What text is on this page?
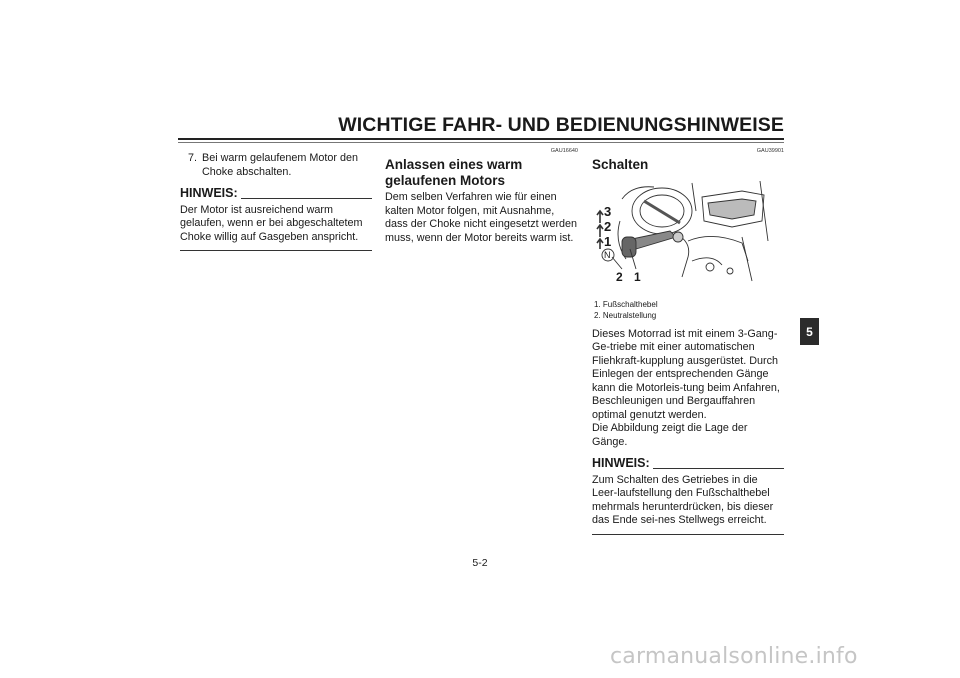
WICHTIGE FAHR- UND BEDIENUNGSHINWEISE
7. Bei warm gelaufenem Motor den Choke abschalten.
HINWEIS:
Der Motor ist ausreichend warm gelaufen, wenn er bei abgeschaltetem Choke willig auf Gasgeben anspricht.
GAU16640
Anlassen eines warm gelaufenen Motors
Dem selben Verfahren wie für einen kalten Motor folgen, mit Ausnahme, dass der Choke nicht eingesetzt werden muss, wenn der Motor bereits warm ist.
GAU39901
Schalten
3
2
1
N
2 1
1. Fußschalthebel
2. Neutralstellung
Dieses Motorrad ist mit einem 3-Gang-Ge-triebe mit einer automatischen Fliehkraft-kupplung ausgerüstet. Durch Einlegen der entsprechenden Gänge kann die Motorleis-tung beim Anfahren, Beschleunigen und Bergauffahren optimal genutzt werden.
Die Abbildung zeigt die Lage der Gänge.
HINWEIS:
Zum Schalten des Getriebes in die Leer-laufstellung den Fußschalthebel mehrmals herunterdrücken, bis dieser das Ende sei-nes Stellwegs erreicht.
5
5-2
carmanualsonline.info
